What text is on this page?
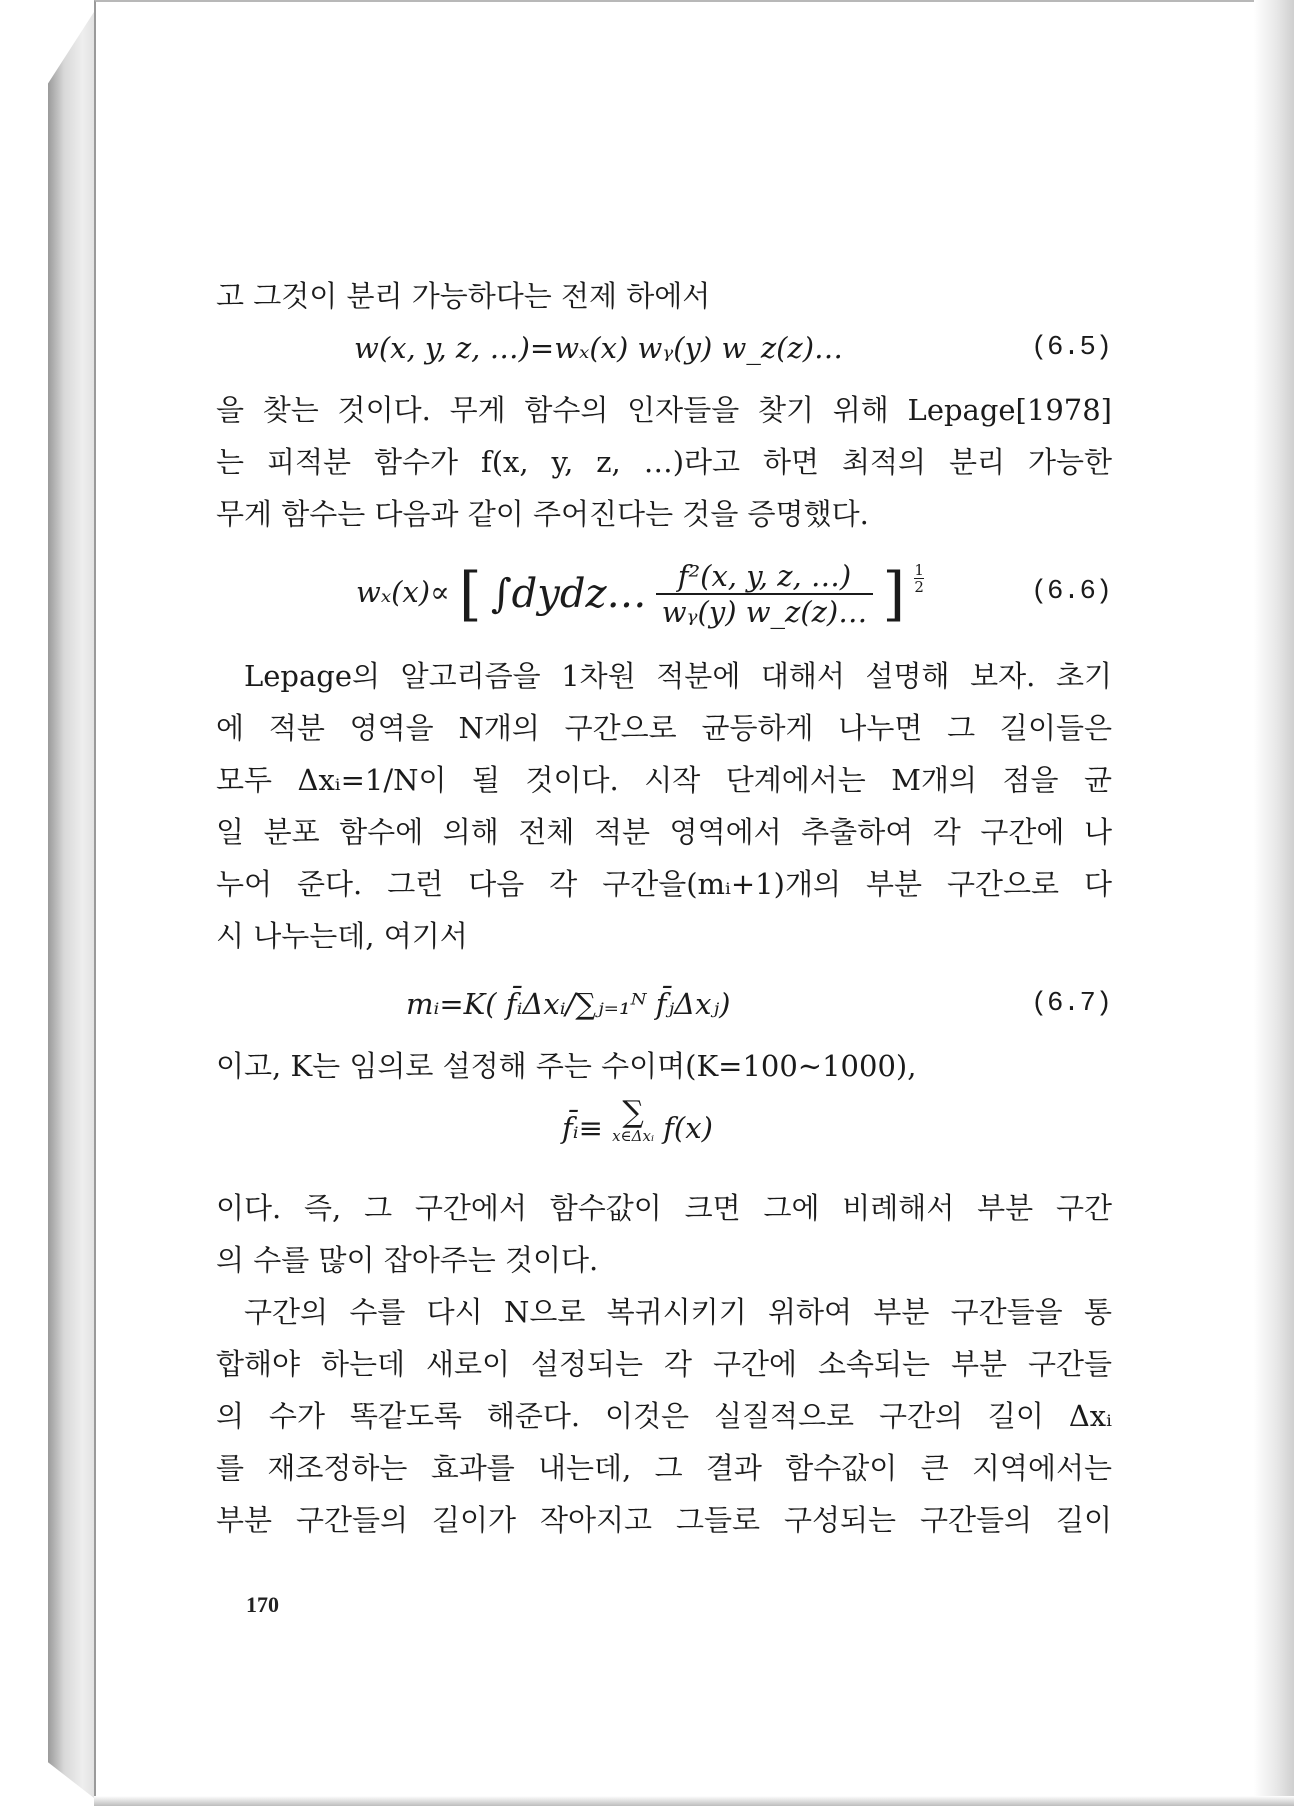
고 그것이 분리 가능하다는 전제 하에서
w(x, y, z, …)=wₓ(x) wᵧ(y) w_z(z)…	(6.5)
을 찾는 것이다. 무게 함수의 인자들을 찾기 위해 Lepage[1978]
는 피적분 함수가 f(x, y, z, …)라고 하면 최적의 분리 가능한
무게 함수는 다음과 같이 주어진다는 것을 증명했다.
wₓ(x)∝ [ ∫dydz… $\frac{\text{f²(x, y, z, …)}}{\text{wᵧ(y) w\_z(z)…}}$ ] $\frac{1}{2}$	(6.6)
Lepage의 알고리즘을 1차원 적분에 대해서 설명해 보자. 초기
에 적분 영역을 N개의 구간으로 균등하게 나누면 그 길이들은
모두 Δxᵢ=1/N이 될 것이다. 시작 단계에서는 M개의 점을 균
일 분포 함수에 의해 전체 적분 영역에서 추출하여 각 구간에 나
누어 준다. 그런 다음 각 구간을(mᵢ+1)개의 부분 구간으로 다
시 나누는데, 여기서
mᵢ=K( f̄ᵢΔxᵢ/∑ⱼ₌₁ᴺ f̄ⱼΔxⱼ)	(6.7)
이고, K는 임의로 설정해 주는 수이며(K=100∼1000),
f̄ᵢ≡ ∑
x∈Δxᵢ f(x)
이다. 즉, 그 구간에서 함수값이 크면 그에 비례해서 부분 구간
의 수를 많이 잡아주는 것이다.
구간의 수를 다시 N으로 복귀시키기 위하여 부분 구간들을 통
합해야 하는데 새로이 설정되는 각 구간에 소속되는 부분 구간들
의 수가 똑같도록 해준다. 이것은 실질적으로 구간의 길이 Δxᵢ
를 재조정하는 효과를 내는데, 그 결과 함수값이 큰 지역에서는
부분 구간들의 길이가 작아지고 그들로 구성되는 구간들의 길이
170
